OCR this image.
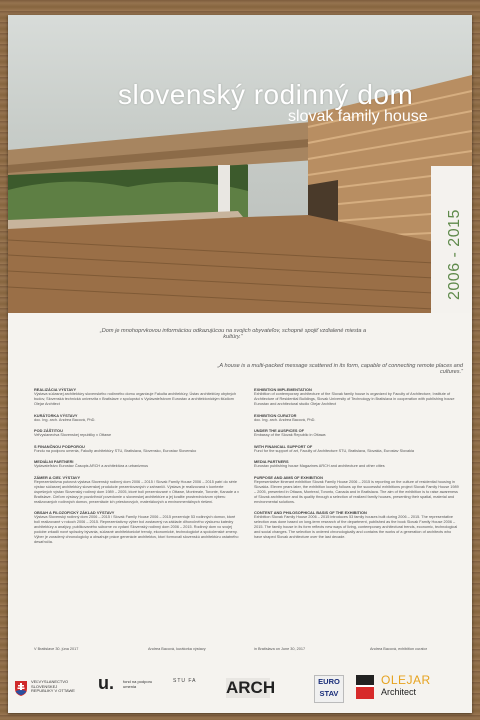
slovenský rodinný dom
slovak family house
2006 - 2015
„Dom je mnohoprvkovou informáciou odkazujúcou na svojich obyvateľov, schopné spojiť vzdialené miesta a kultúry.“
„A house is a multi-packed message scattered in its form, capable of connecting remote places and cultures.“
REALIZÁCIA VÝSTAVY

Výstava súčasnej architektúry slovenského rodinného domu organizuje Fakulta architektúry, Ústav architektúry obytných budov, Slovenská technická univerzita v Bratislave v spolupráci s Vydavateľstvom Eurostav a architektonickým štúdiom Olejar Architect

KURÁTORKA VÝSTAVY

doc. Ing. arch. Andrea Bacová, PhD.

POD ZÁŠTITOU

Veľvyslanectva Slovenskej republiky v Ottawe

S FINANČNOU PODPOROU

Fondu na podporu umenia, Fakulty architektúry STU, Bratislava, Slovensko, Eurostav Slovensko

MEDIÁLNI PARTNERI

Vydavateľstvo Eurostav Časopis ARCH a architektúra a urbanizmus

ZÁMER A CIEĽ VÝSTAVY

Reprezentatívna putovná výstava Slovenský rodinný dom 2006 – 2015 / Slovak Family House 2006 – 2015 patrí do série výstav súčasnej architektúry slovenskej produkcie prezentovaných v zahraničí. Výstava je realizovaná v kontexte úspešných výstav Slovenský rodinný dom 1989 – 2005, ktoré boli prezentované v Ottawe, Montreale, Toronte, Kanade a v Bratislave. Cieľom výstavy je pozdvihnúť povedomie o slovenskej architektúre a jej kvalite prostredníctvom výberu realizovaných rodinných domov, prezentácie ich priestorových, materiálových a environmentálnych riešení.

OBSAH A FILOZOFICKÝ ZÁKLAD VÝSTAVY

Výstava Slovenský rodinný dom 2006 – 2015 / Slovak Family House 2006 – 2015 prezentuje 53 rodinných domov, ktoré boli realizované v rokoch 2006 – 2015. Reprezentatívny výber bol zostavený na základe dlhoročného výskumu katedry architektúry a analýzy, publikovaného súborne vo vydaní Slovenský rodinný dom 2006 – 2015. Rodinný dom vo svojej podobe zrkadlí nové spôsoby bývania, súčasné architektonické trendy, ekonomické, technologické a spoločenské zmeny. Výber je zoradený chronologicky a obsahuje práce generácie architektov, ktorí formovali slovenskú architektúru ostatného desaťročia.

EXHIBITION IMPLEMENTATION

Exhibition of contemporary architecture of the Slovak family house is organized by Faculty of Architecture, Institute of Architecture of Residential Buildings, Slovak University of Technology in Bratislava in cooperation with publishing house Eurostav and architectural studio Olejar Architect

EXHIBITION CURATOR

doc. Ing. arch. Andrea Bacová, PhD.

UNDER THE AUSPICES OF

Embassy of the Slovak Republic in Ottawa

WITH FINANCIAL SUPPORT OF

Fund for the support of art, Faculty of Architecture STU, Bratislava, Slovakia, Eurostav Slovakia

MEDIA PARTNERS

Eurostav publishing house Magazines ARCH and architecture and other cities

PURPOSE AND AIMS OF EXHIBITION

Representative itinerant exhibition Slovak Family House 2006 – 2015 is reporting on the culture of residential housing in Slovakia. Eleven years later, the exhibition loosely follows up the successful exhibitions project Slovak Family House 1989 – 2005, presented in Ottawa, Montreal, Toronto, Canada and in Bratislava. The aim of the exhibition is to raise awareness of Slovak architecture and its quality through a selection of realized family houses, presenting their spatial, material and environmental solutions.

CONTENT AND PHILOSOPHICAL BASIS OF THE EXHIBITION

Exhibition Slovak Family House 2006 – 2015 introduces 53 family houses built during 2006 – 2015. The representative selection was done based on long-term research of the department, published as the book Slovak Family House 2006 – 2015. The family house in its form reflects new ways of living, contemporary architectural trends, economic, technological and social changes. The selection is ordered chronologically and contains the works of a generation of architects who have shaped Slovak architecture over the last decade.

V Bratislave 30. júna 2017	Andrea Bacová, kurátorka výstavy	in Bratislava on June 30, 2017	Andrea Bacová, exhibition curator
VEĽVYSLANECTVO SLOVENSKEJ REPUBLIKY V OTTAWE u. fond na podporu umenia
STU FA ARCH	EURO STAV
OLEJAR
Architect
